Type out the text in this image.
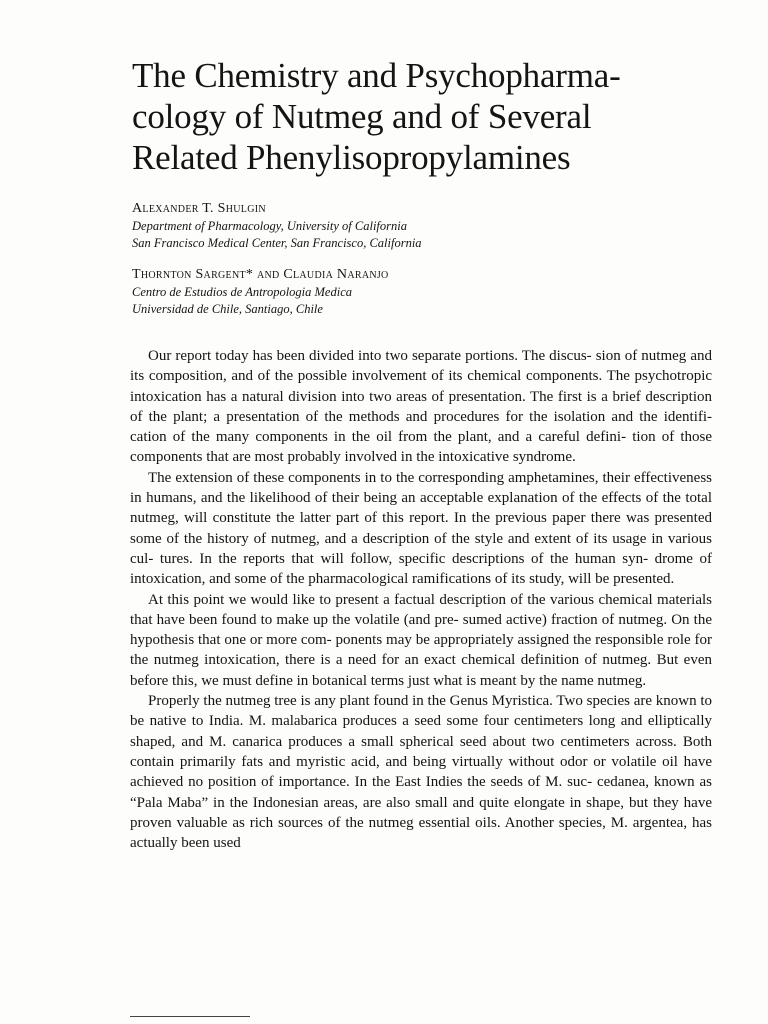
The Chemistry and Psychopharma-
cology of Nutmeg and of Several
Related Phenylisopropylamines
Alexander T. Shulgin
Department of Pharmacology, University of California
San Francisco Medical Center, San Francisco, California
Thornton Sargent* and Claudia Naranjo
Centro de Estudios de Antropologia Medica
Universidad de Chile, Santiago, Chile

Our report today has been divided into two separate portions. The discus- sion of nutmeg and its composition, and of the possible involvement of its chemical components. The psychotropic intoxication has a natural division into two areas of presentation. The first is a brief description of the plant; a presentation of the methods and procedures for the isolation and the identifi- cation of the many components in the oil from the plant, and a careful defini- tion of those components that are most probably involved in the intoxicative syndrome.

The extension of these components in to the corresponding amphetamines, their effectiveness in humans, and the likelihood of their being an acceptable explanation of the effects of the total nutmeg, will constitute the latter part of this report. In the previous paper there was presented some of the history of nutmeg, and a description of the style and extent of its usage in various cul- tures. In the reports that will follow, specific descriptions of the human syn- drome of intoxication, and some of the pharmacological ramifications of its study, will be presented.

At this point we would like to present a factual description of the various chemical materials that have been found to make up the volatile (and pre- sumed active) fraction of nutmeg. On the hypothesis that one or more com- ponents may be appropriately assigned the responsible role for the nutmeg intoxication, there is a need for an exact chemical definition of nutmeg. But even before this, we must define in botanical terms just what is meant by the name nutmeg.

Properly the nutmeg tree is any plant found in the Genus Myristica. Two species are known to be native to India. M. malabarica produces a seed some four centimeters long and elliptically shaped, and M. canarica produces a small spherical seed about two centimeters across. Both contain primarily fats and myristic acid, and being virtually without odor or volatile oil have achieved no position of importance. In the East Indies the seeds of M. suc- cedanea, known as “Pala Maba” in the Indonesian areas, are also small and quite elongate in shape, but they have proven valuable as rich sources of the nutmeg essential oils. Another species, M. argentea, has actually been used
